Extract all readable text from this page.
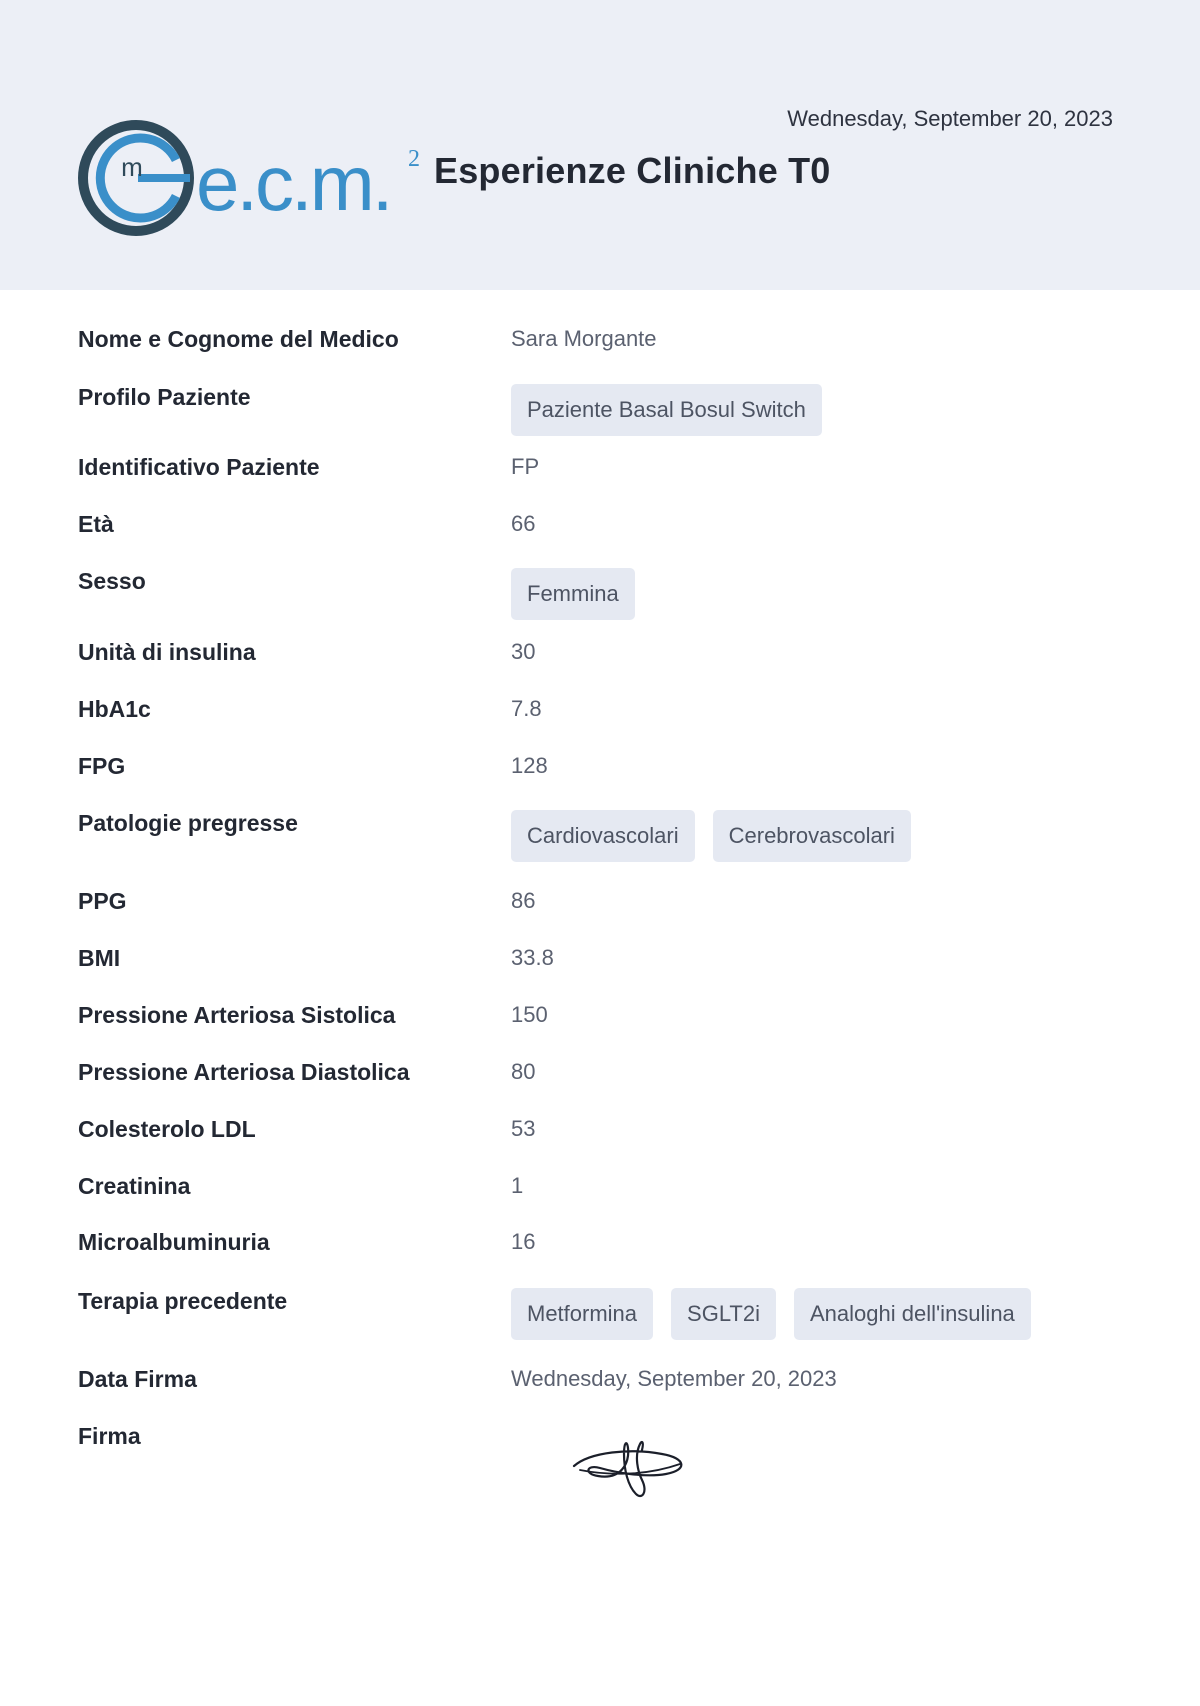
Wednesday, September 20, 2023
m e.c.m. 2 Esperienze Cliniche T0
Nome e Cognome del Medico	Sara Morgante
Profilo Paziente	Paziente Basal Bosul Switch
Identificativo Paziente	FP
Età	66
Sesso	Femmina
Unità di insulina	30
HbA1c	7.8
FPG	128
Patologie pregresse	Cardiovascolari	Cerebrovascolari
PPG	86
BMI	33.8
Pressione Arteriosa Sistolica	150
Pressione Arteriosa Diastolica	80
Colesterolo LDL	53
Creatinina	1
Microalbuminuria	16
Terapia precedente	Metformina	SGLT2i	Analoghi dell'insulina
Data Firma	Wednesday, September 20, 2023
Firma
